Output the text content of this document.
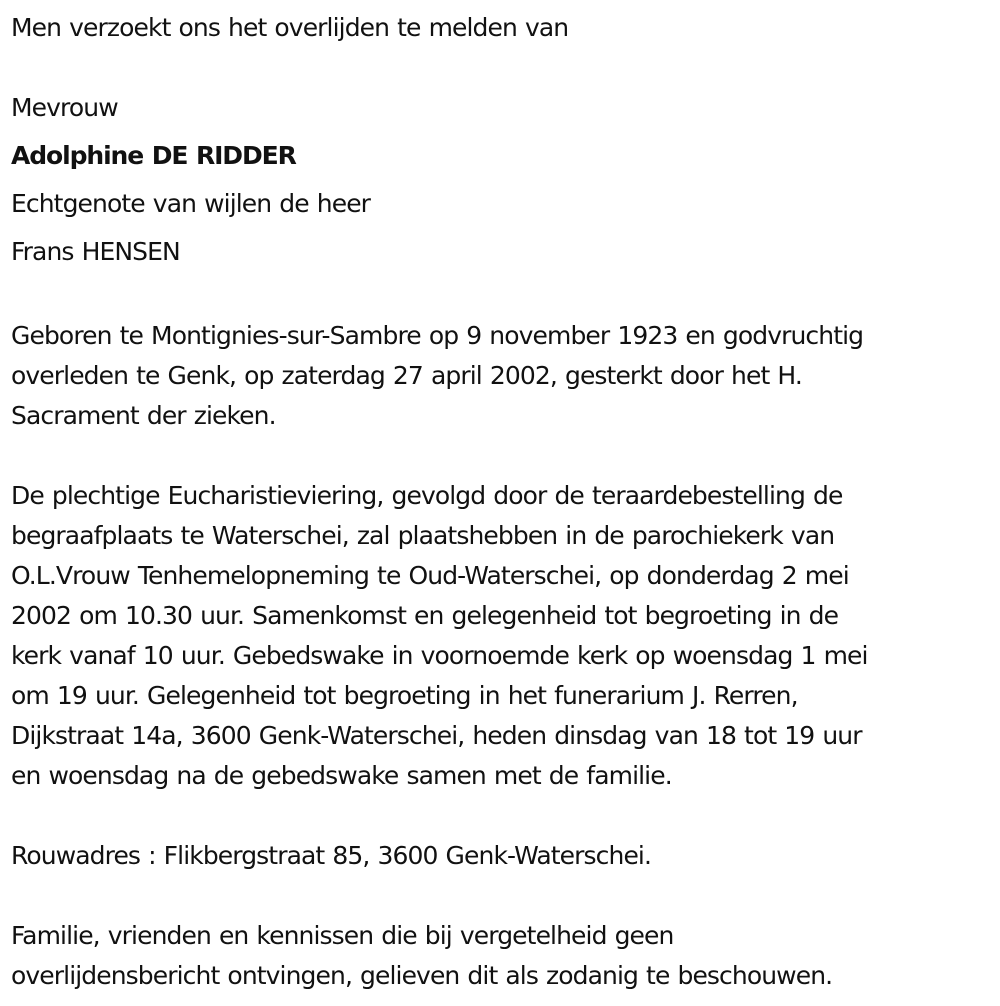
Men verzoekt ons het overlijden te melden van
Mevrouw
Adolphine DE RIDDER
Echtgenote van wijlen de heer
Frans HENSEN
Geboren te Montignies-sur-Sambre op 9 november 1923 en godvruchtig
overleden te Genk, op zaterdag 27 april 2002, gesterkt door het H.
Sacrament der zieken.
De plechtige Eucharistieviering, gevolgd door de teraardebestelling de
begraafplaats te Waterschei, zal plaatshebben in de parochiekerk van
O.L.Vrouw Tenhemelopneming te Oud-Waterschei, op donderdag 2 mei
2002 om 10.30 uur. Samenkomst en gelegenheid tot begroeting in de
kerk vanaf 10 uur. Gebedswake in voornoemde kerk op woensdag 1 mei
om 19 uur. Gelegenheid tot begroeting in het funerarium J. Rerren,
Dijkstraat 14a, 3600 Genk-Waterschei, heden dinsdag van 18 tot 19 uur
en woensdag na de gebedswake samen met de familie.
Rouwadres : Flikbergstraat 85, 3600 Genk-Waterschei.
Familie, vrienden en kennissen die bij vergetelheid geen
overlijdensbericht ontvingen, gelieven dit als zodanig te beschouwen.
